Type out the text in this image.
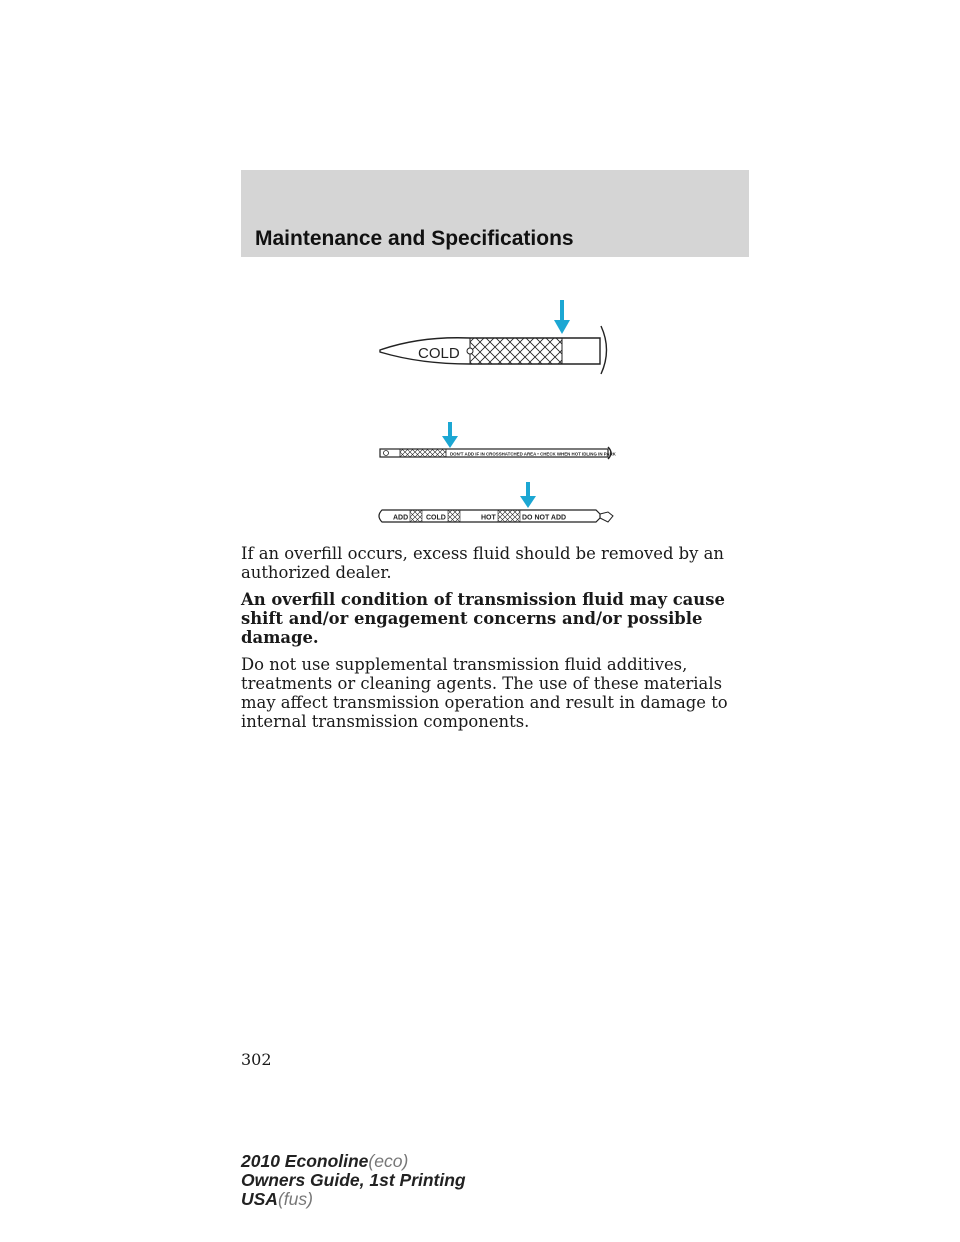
Maintenance and Specifications
COLD
DON'T ADD IF IN CROSSHATCHED AREA • CHECK WHEN HOT IDLING IN PARK
ADD	COLD	HOT	DO NOT ADD

If an overfill occurs, excess fluid should be removed by an authorized dealer.

An overfill condition of transmission fluid may cause shift and/or engagement concerns and/or possible damage.

Do not use supplemental transmission fluid additives, treatments or cleaning agents. The use of these materials may affect transmission operation and result in damage to internal transmission components.

302
2010 Econoline(eco)
Owners Guide, 1st Printing
USA(fus)
